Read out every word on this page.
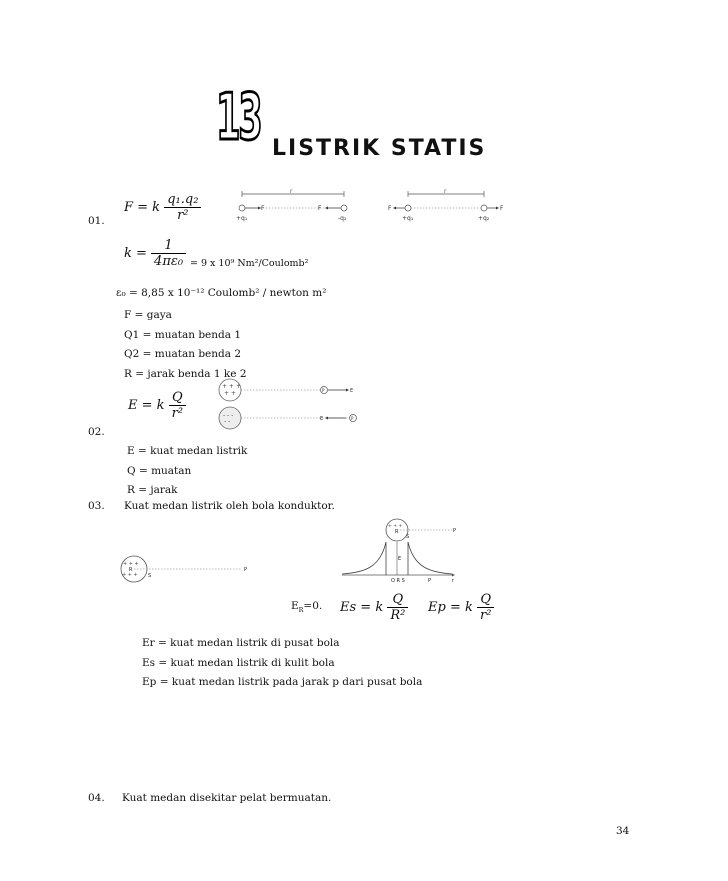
13 LISTRIK STATIS
01.
F = k $\frac{\text{q₁.q₂}}{\text{r²}}$
$k = \frac{1}{\text{4πε₀}} = 9$ x 10⁹ Nm²/Coulomb²
ε₀ = 8,85 x 10⁻¹² Coulomb² / newton m²
F = gaya
Q1 = muatan benda 1
Q2 = muatan benda 2
R = jarak benda 1 ke 2
r
F	F
+q₁	-q₂
r
F	F
+q₁	+q₂
02.
E = k $\frac{Q}{\text{r²}}$
+ + +
+ +	P	E
- - -
- -	E	P
E = kuat medan listrik
Q = muatan
R = jarak
03. Kuat medan listrik oleh bola konduktor.
+ + +
+ + +
R
S
P
+ + +
R
S
P
r
E
O R S	P
$E_R=0$. Es = k $\frac{Q}{\text{R²}}$ Ep = k $\frac{Q}{\text{r²}}$
Er = kuat medan listrik di pusat bola
Es = kuat medan listrik di kulit bola
Ep = kuat medan listrik pada jarak p dari pusat bola
04. Kuat medan disekitar pelat bermuatan.
34
